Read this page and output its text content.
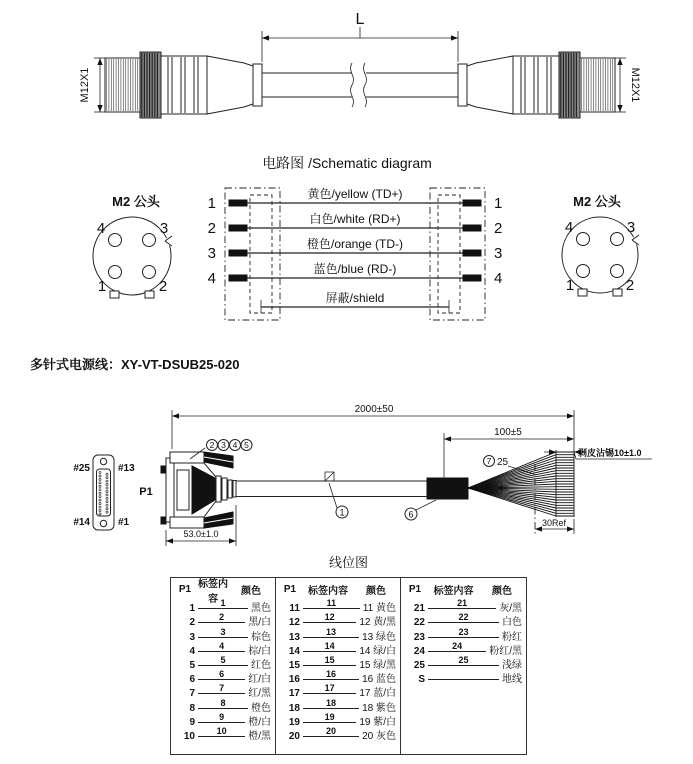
L
M12X1	M12X1
电路图 /Schematic diagram
M2 公头
4	3
1	2
M2 公头
4	3
1	2
1
2
3
4
1
2
3
4
黄色/yellow (TD+)
白色/white (RD+)
橙色/orange (TD-)
蓝色/blue (RD-)
屏蔽/shield
#25	#13
#14	#1
P1
2 3 4 5
1	6
7 25
2000±50
100±5
53.0±1.0
剥皮沾锡10±1.0
30Ref
多针式电源线：XY-VT-DSUB25-020
线位图
P1 标签内容
颜色
1	1	黑色
2	2	黑/白
3	3	棕色
4	4	棕/白
5	5	红色
6	6	红/白
7	7	红/黑
8	8	橙色
9	9	橙/白
10	10	橙/黑
P1	标签内容	颜色
11	11	11 黄色
12	12	12 黄/黑
13	13	13 绿色
14	14	14 绿/白
15	15	15 绿/黑
16	16	16 蓝色
17	17	17 蓝/白
18	18	18 紫色
19	19	19 紫/白
20	20	20 灰色
P1	标签内容	颜色
21	21	灰/黑
22	22	白色
23	23	粉红
24	24	粉红/黑
25	25	浅绿
S	地线
